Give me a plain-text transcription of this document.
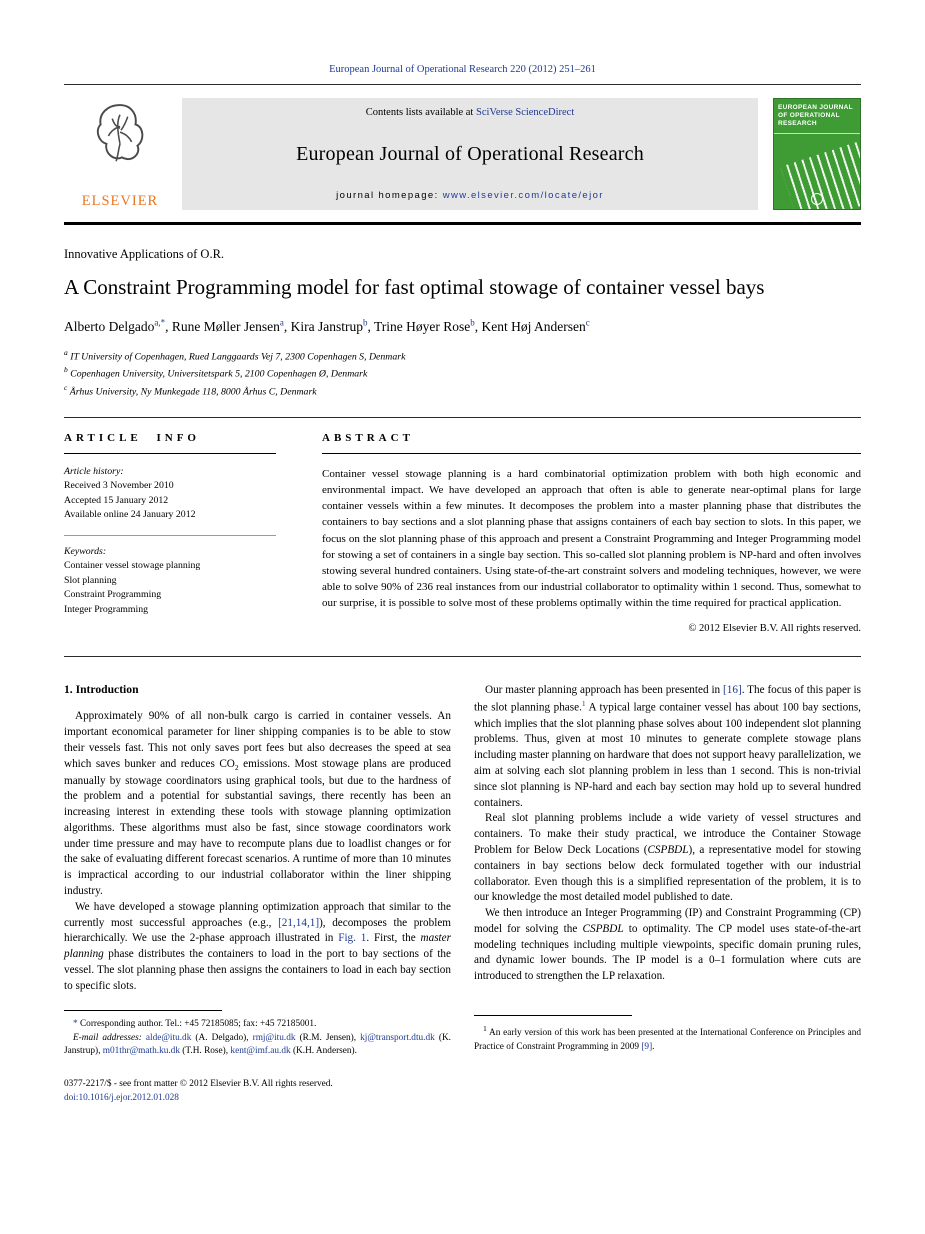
European Journal of Operational Research 220 (2012) 251–261
ELSEVIER
Contents lists available at SciVerse ScienceDirect
European Journal of Operational Research
journal homepage: www.elsevier.com/locate/ejor
EUROPEAN JOURNAL OF OPERATIONAL RESEARCH
Innovative Applications of O.R.
A Constraint Programming model for fast optimal stowage of container vessel bays
Alberto Delgado$^{a,*}$, Rune Møller Jensen$^a$, Kira Janstrup$^b$, Trine Høyer Rose$^b$, Kent Høj Andersen$^c$
$^a$ IT University of Copenhagen, Rued Langgaards Vej 7, 2300 Copenhagen S, Denmark
$^b$ Copenhagen University, Universitetspark 5, 2100 Copenhagen Ø, Denmark
$^c$ Århus University, Ny Munkegade 118, 8000 Århus C, Denmark
ARTICLE INFO
Article history:
Received 3 November 2010
Accepted 15 January 2012
Available online 24 January 2012
Keywords:
Container vessel stowage planning
Slot planning
Constraint Programming
Integer Programming
ABSTRACT

Container vessel stowage planning is a hard combinatorial optimization problem with both high economic and environmental impact. We have developed an approach that often is able to generate near-optimal plans for large container vessels within a few minutes. It decomposes the problem into a master planning phase that distributes the containers to bay sections and a slot planning phase that assigns containers of each bay section to slots. In this paper, we focus on the slot planning phase of this approach and present a Constraint Programming and Integer Programming model for stowing a set of containers in a single bay section. This so-called slot planning problem is NP-hard and often involves stowing several hundred containers. Using state-of-the-art constraint solvers and modeling techniques, however, we were able to solve 90% of 236 real instances from our industrial collaborator to optimality within 1 second. Thus, somewhat to our surprise, it is possible to solve most of these problems optimally within the time required for practical application.

© 2012 Elsevier B.V. All rights reserved.
1. Introduction

Approximately 90% of all non-bulk cargo is carried in container vessels. An important economical parameter for liner shipping companies is to be able to stow their vessels fast. This not only saves port fees but also decreases the speed at sea which saves bunker and reduces $CO_2$ emissions. Most stowage plans are produced manually by stowage coordinators using graphical tools, but due to the hardness of the problem and a potential for substantial savings, there recently has been an increasing interest in extending these tools with stowage planning optimization algorithms. These algorithms must also be fast, since stowage coordinators work under time pressure and may have to recompute plans due to loadlist changes or for the sake of evaluating different forecast scenarios. A runtime of more than 10 minutes is impractical according to our industrial collaborator within the liner shipping industry.

We have developed a stowage planning optimization approach that similar to the currently most successful approaches (e.g., [21,14,1]), decomposes the problem hierarchically. We use the 2-phase approach illustrated in Fig. 1. First, the master planning phase distributes the containers to load in the port to bay sections of the vessel. The slot planning phase then assigns the containers to load in each bay section to specific slots.

* Corresponding author. Tel.: +45 72185085; fax: +45 72185001.

E-mail addresses: alde@itu.dk (A. Delgado), rmj@itu.dk (R.M. Jensen), kj@transport.dtu.dk (K. Janstrup), m01thr@math.ku.dk (T.H. Rose), kent@imf.au.dk (K.H. Andersen).

0377-2217/$ - see front matter © 2012 Elsevier B.V. All rights reserved.
doi:10.1016/j.ejor.2012.01.028

Our master planning approach has been presented in [16]. The focus of this paper is the slot planning phase.$^1$ A typical large container vessel has about 100 bay sections, which implies that the slot planning phase solves about 100 independent slot planning problems. Thus, given at most 10 minutes to generate complete stowage plans including master planning on hardware that does not support heavy parallelization, we aim at solving each slot planning problem in less than 1 second. This is non-trivial since slot planning is NP-hard and each bay section may hold up to several hundred containers.

Real slot planning problems include a wide variety of vessel structures and containers. To make their study practical, we introduce the Container Stowage Problem for Below Deck Locations (CSPBDL), a representative model for stowing containers in bay sections below deck formulated together with our industrial collaborator. Even though this is a simplified representation of the problem, it is to our knowledge the most detailed model published to date.

We then introduce an Integer Programming (IP) and Constraint Programming (CP) model for solving the CSPBDL to optimality. The CP model uses state-of-the-art modeling techniques including multiple viewpoints, specific domain pruning rules, and dynamic lower bounds. The IP model is a 0–1 formulation where cuts are introduced to strengthen the LP relaxation.

$^1$ An early version of this work has been presented at the International Conference on Principles and Practice of Constraint Programming in 2009 [9].
